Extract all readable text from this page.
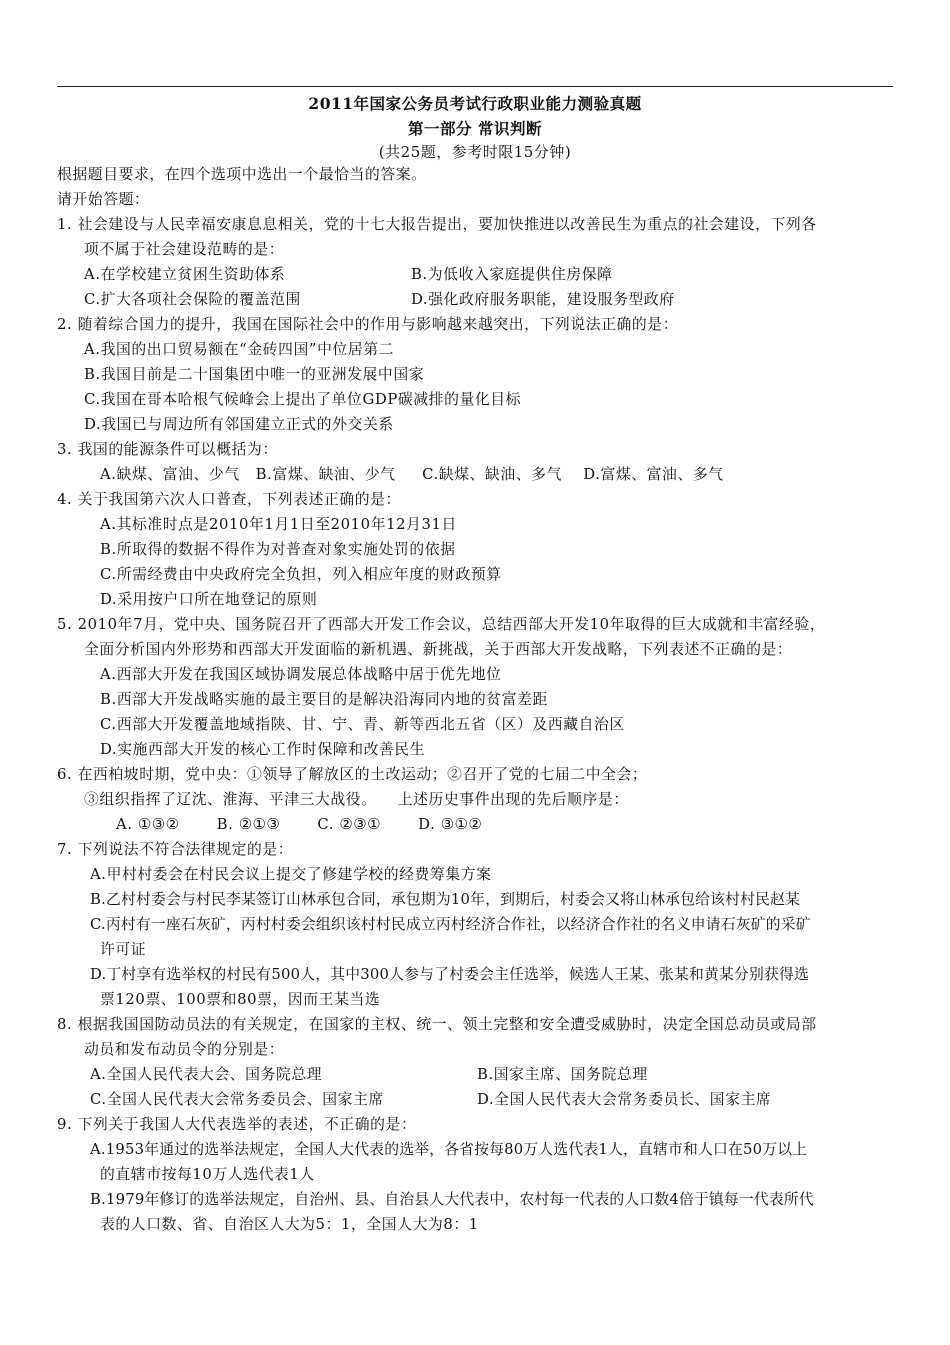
2011年国家公务员考试行政职业能力测验真题
第一部分 常识判断
(共25题，参考时限15分钟)
根据题目要求，在四个选项中选出一个最恰当的答案。
请开始答题：
1. 社会建设与人民幸福安康息息相关，党的十七大报告提出，要加快推进以改善民生为重点的社会建设，下列各
项不属于社会建设范畴的是：
A.在学校建立贫困生资助体系	B.为低收入家庭提供住房保障
C.扩大各项社会保险的覆盖范围	D.强化政府服务职能，建设服务型政府
2. 随着综合国力的提升，我国在国际社会中的作用与影响越来越突出，下列说法正确的是：
A.我国的出口贸易额在“金砖四国”中位居第二
B.我国目前是二十国集团中唯一的亚洲发展中国家
C.我国在哥本哈根气候峰会上提出了单位GDP碳减排的量化目标
D.我国已与周边所有邻国建立正式的外交关系
3. 我国的能源条件可以概括为：
A.缺煤、富油、少气   B.富煤、缺油、少气     C.缺煤、缺油、多气    D.富煤、富油、多气
4. 关于我国第六次人口普查，下列表述正确的是：
A.其标准时点是2010年1月1日至2010年12月31日
B.所取得的数据不得作为对普查对象实施处罚的依据
C.所需经费由中央政府完全负担，列入相应年度的财政预算
D.采用按户口所在地登记的原则
5. 2010年7月，党中央、国务院召开了西部大开发工作会议，总结西部大开发10年取得的巨大成就和丰富经验，
全面分析国内外形势和西部大开发面临的新机遇、新挑战，关于西部大开发战略，下列表述不正确的是：
A.西部大开发在我国区域协调发展总体战略中居于优先地位
B.西部大开发战略实施的最主要目的是解决沿海同内地的贫富差距
C.西部大开发覆盖地域指陕、甘、宁、青、新等西北五省（区）及西藏自治区
D.实施西部大开发的核心工作时保障和改善民生
6. 在西柏坡时期，党中央：①领导了解放区的土改运动；②召开了党的七届二中全会；
③组织指挥了辽沈、淮海、平津三大战役。    上述历史事件出现的先后顺序是：
A. ①③②       B. ②①③       C. ②③①       D. ③①②
7. 下列说法不符合法律规定的是：
A.甲村村委会在村民会议上提交了修建学校的经费筹集方案
B.乙村村委会与村民李某签订山林承包合同，承包期为10年，到期后，村委会又将山林承包给该村村民赵某
C.丙村有一座石灰矿，丙村村委会组织该村村民成立丙村经济合作社，以经济合作社的名义申请石灰矿的采矿
许可证
D.丁村享有选举权的村民有500人，其中300人参与了村委会主任选举，候选人王某、张某和黄某分别获得选
票120票、100票和80票，因而王某当选
8. 根据我国国防动员法的有关规定，在国家的主权、统一、领土完整和安全遭受威胁时，决定全国总动员或局部
动员和发布动员令的分别是：
A.全国人民代表大会、国务院总理	B.国家主席、国务院总理
C.全国人民代表大会常务委员会、国家主席	D.全国人民代表大会常务委员长、国家主席
9. 下列关于我国人大代表选举的表述，不正确的是：
A.1953年通过的选举法规定，全国人大代表的选举，各省按每80万人选代表1人，直辖市和人口在50万以上
的直辖市按每10万人选代表1人
B.1979年修订的选举法规定，自治州、县、自治县人大代表中，农村每一代表的人口数4倍于镇每一代表所代
表的人口数、省、自治区人大为5：1，全国人大为8：1
